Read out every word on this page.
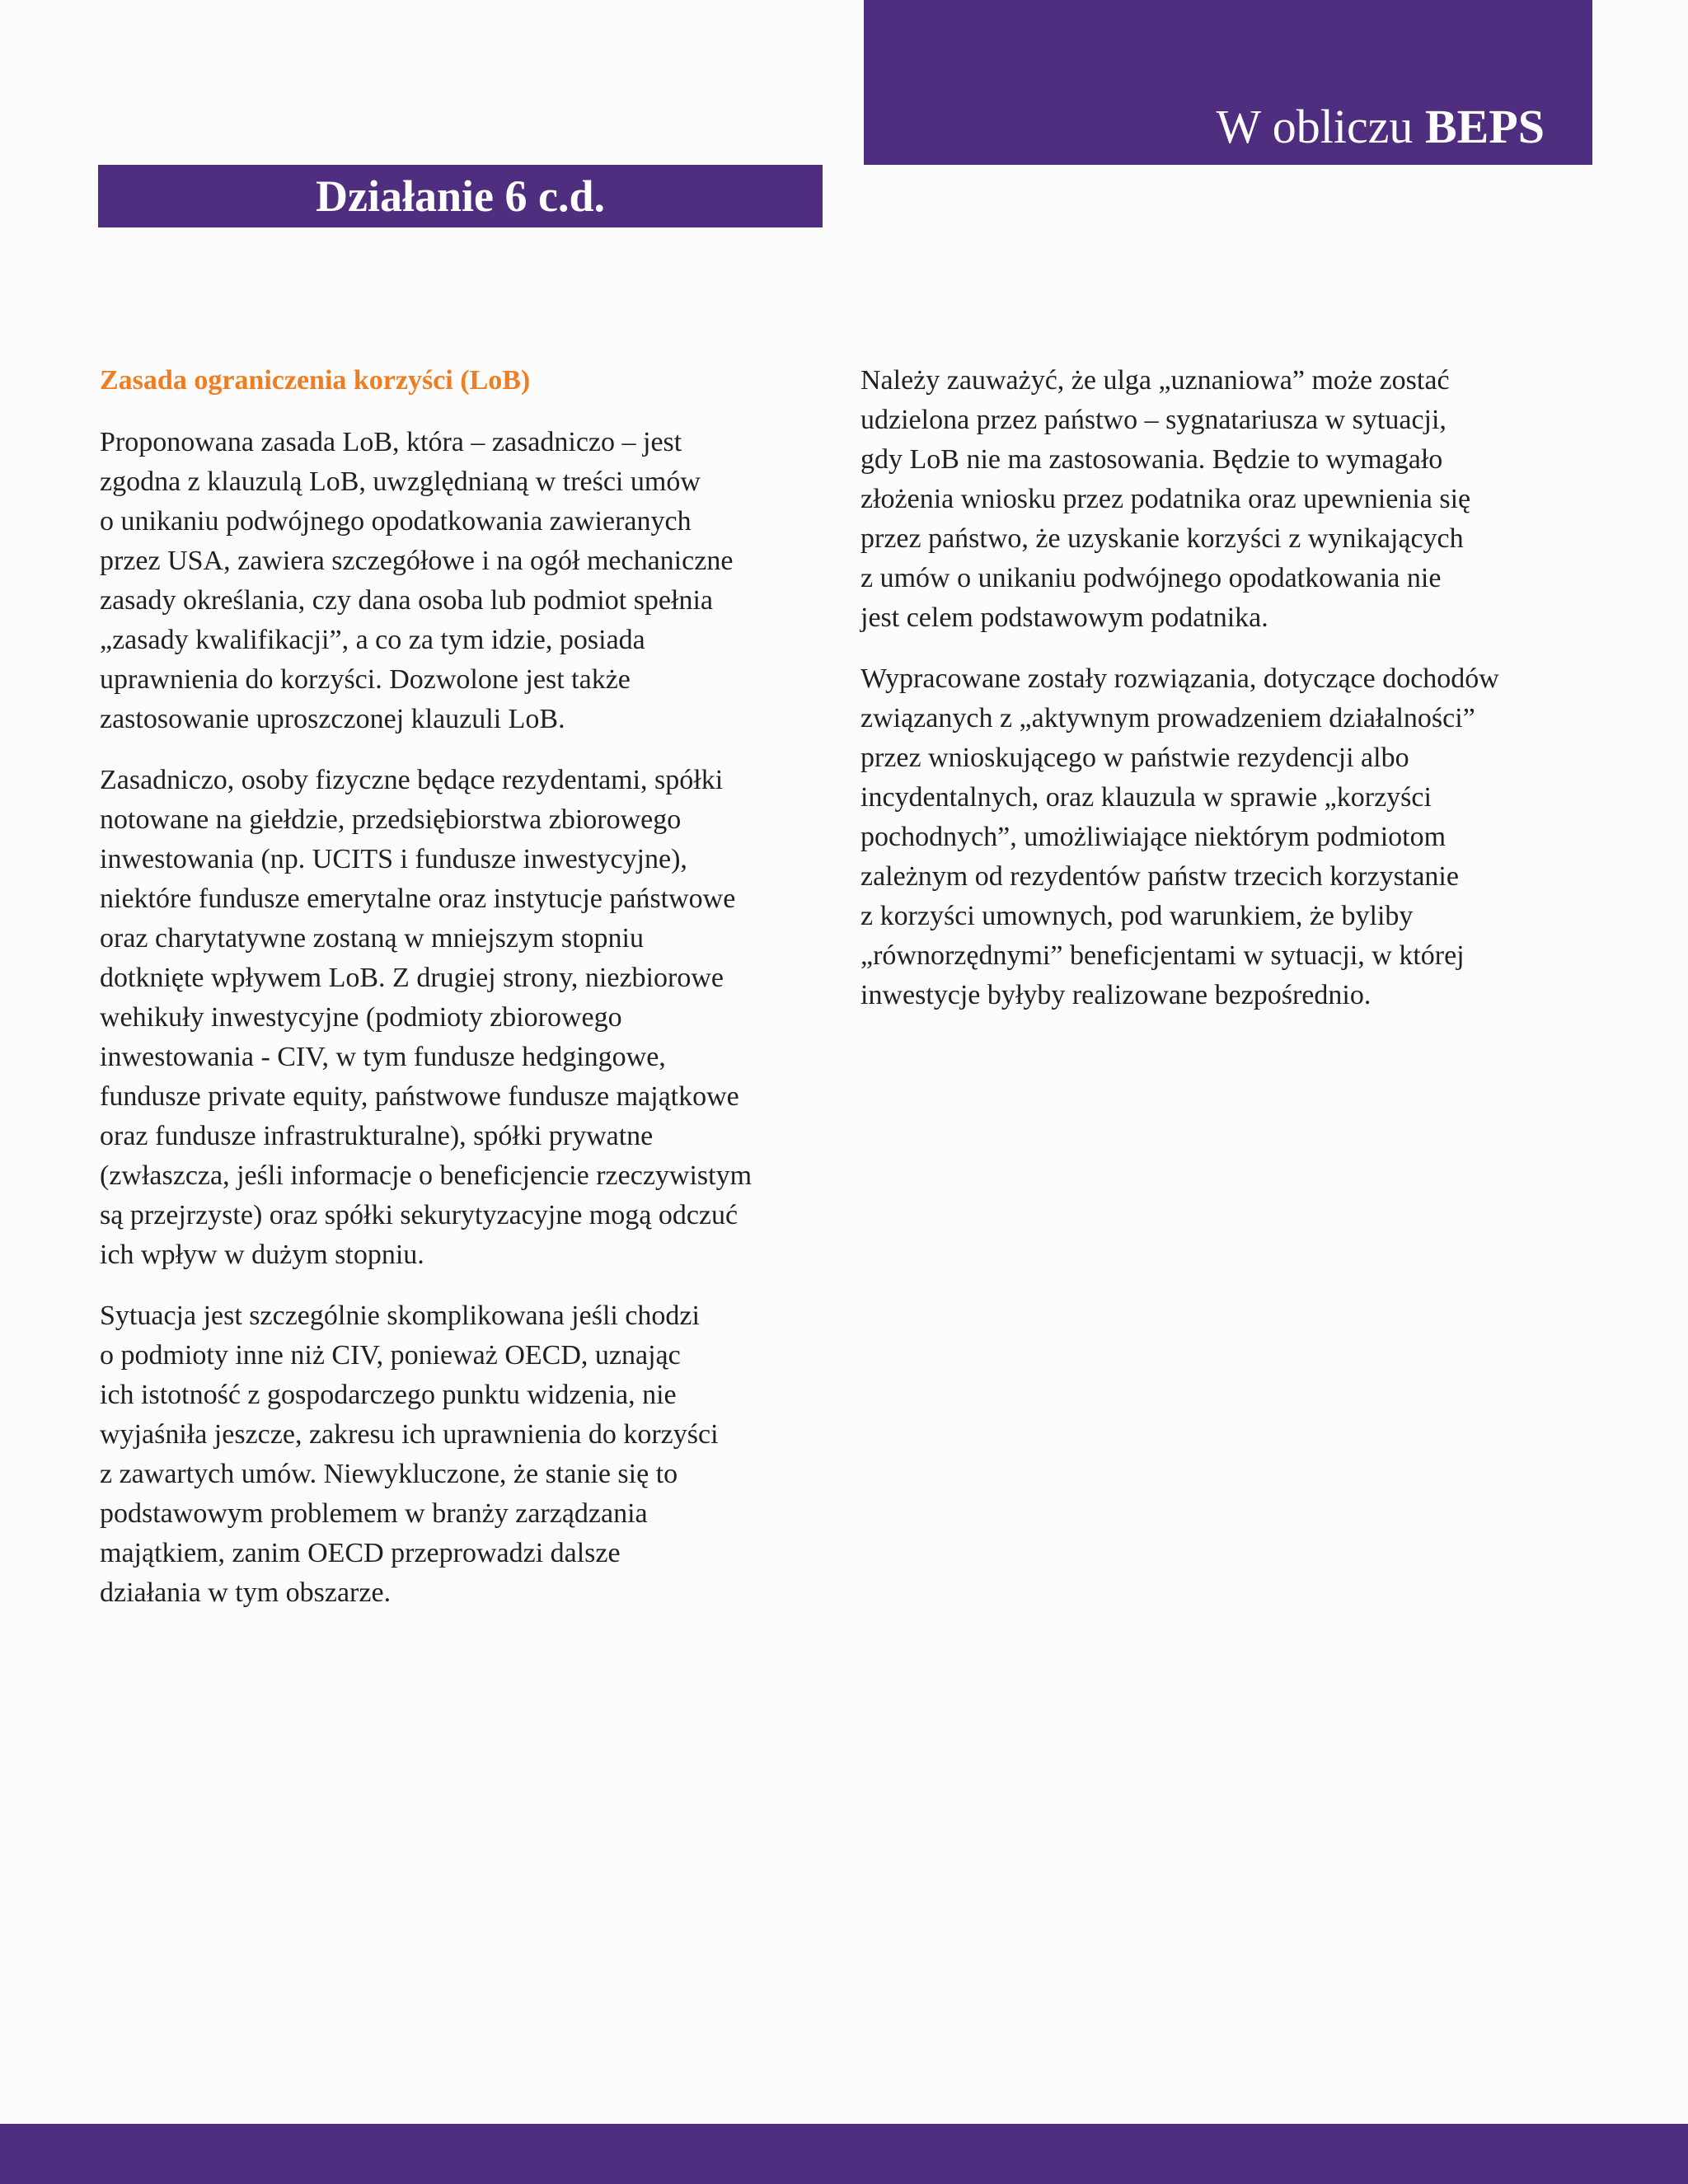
W obliczu BEPS
Działanie 6 c.d.
Zasada ograniczenia korzyści (LoB)

Proponowana zasada LoB, która – zasadniczo – jest
zgodna z klauzulą LoB, uwzględnianą w treści umów
o unikaniu podwójnego opodatkowania zawieranych
przez USA, zawiera szczegółowe i na ogół mechaniczne
zasady określania, czy dana osoba lub podmiot spełnia
„zasady kwalifikacji”, a co za tym idzie, posiada
uprawnienia do korzyści. Dozwolone jest także
zastosowanie uproszczonej klauzuli LoB.

Zasadniczo, osoby fizyczne będące rezydentami, spółki
notowane na giełdzie, przedsiębiorstwa zbiorowego
inwestowania (np. UCITS i fundusze inwestycyjne),
niektóre fundusze emerytalne oraz instytucje państwowe
oraz charytatywne zostaną w mniejszym stopniu
dotknięte wpływem LoB. Z drugiej strony, niezbiorowe
wehikuły inwestycyjne (podmioty zbiorowego
inwestowania - CIV, w tym fundusze hedgingowe,
fundusze private equity, państwowe fundusze majątkowe
oraz fundusze infrastrukturalne), spółki prywatne
(zwłaszcza, jeśli informacje o beneficjencie rzeczywistym
są przejrzyste) oraz spółki sekurytyzacyjne mogą odczuć
ich wpływ w dużym stopniu.

Sytuacja jest szczególnie skomplikowana jeśli chodzi
o podmioty inne niż CIV, ponieważ OECD, uznając
ich istotność z gospodarczego punktu widzenia, nie
wyjaśniła jeszcze, zakresu ich uprawnienia do korzyści
z zawartych umów. Niewykluczone, że stanie się to
podstawowym problemem w branży zarządzania
majątkiem, zanim OECD przeprowadzi dalsze
działania w tym obszarze.

Należy zauważyć, że ulga „uznaniowa” może zostać
udzielona przez państwo – sygnatariusza w sytuacji,
gdy LoB nie ma zastosowania. Będzie to wymagało
złożenia wniosku przez podatnika oraz upewnienia się
przez państwo, że uzyskanie korzyści z wynikających
z umów o unikaniu podwójnego opodatkowania nie
jest celem podstawowym podatnika.

Wypracowane zostały rozwiązania, dotyczące dochodów
związanych z „aktywnym prowadzeniem działalności”
przez wnioskującego w państwie rezydencji albo
incydentalnych, oraz klauzula w sprawie „korzyści
pochodnych”, umożliwiające niektórym podmiotom
zależnym od rezydentów państw trzecich korzystanie
z korzyści umownych, pod warunkiem, że byliby
„równorzędnymi” beneficjentami w sytuacji, w której
inwestycje byłyby realizowane bezpośrednio.
